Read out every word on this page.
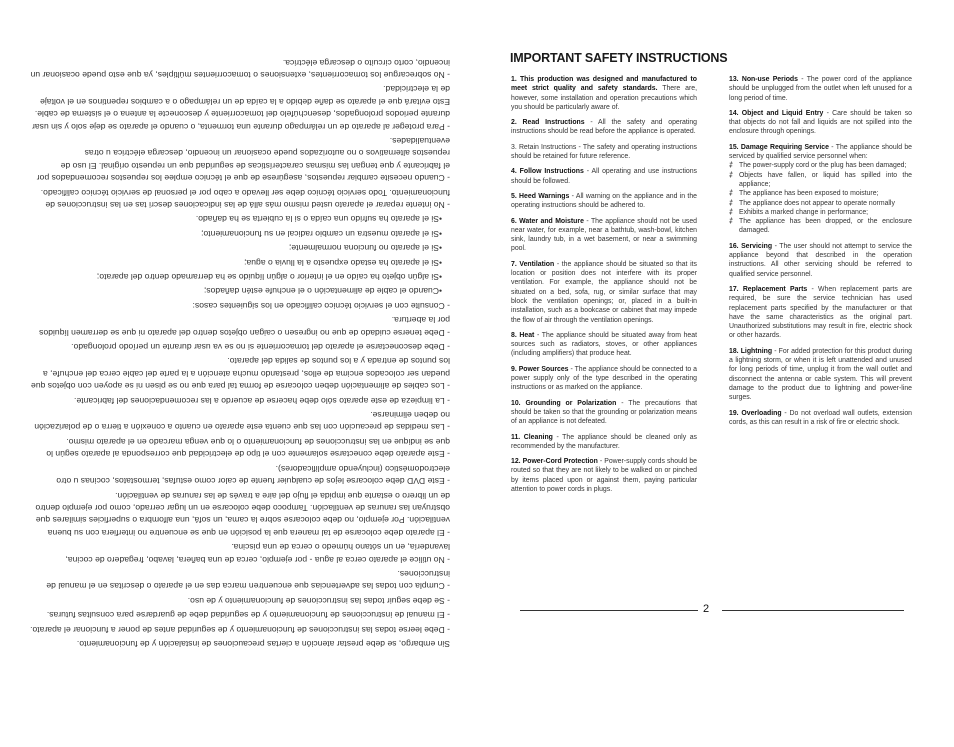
Sin embargo, se debe prestar atención a ciertas precauciones de instalación y de funcionamiento.

- Debe leerse todas las instrucciones de funcionamiento y de seguridad antes de poner a funcionar el aparato.

- El manual de instrucciones de funcionamiento y de seguridad debe de guardarse para consultas futuras.

- Se debe seguir todas las instrucciones de funcionamiento y de uso.

- Cumpla con todas las advertencias que encuentren marca das en el aparato o descritas en el manual de instrucciones.

- No utilice el aparato cerca al agua - por ejemplo, cerca de una bañera, lavabo, fregadero de cocina, lavandería, en un sótano húmedo o cerca de una piscina.

- El aparato debe colocarse de tal manera que la posición en que se encuentre no interfiera con su buena ventilación. Por ejemplo, no debe colocarse sobre la cama, un sofá, una alfombra o superficies similares que obstruyan las ranuras de ventilación. Tampoco debe colocarse en un lugar cerrado, como por ejemplo dentro de un librero o estante que impida el flujo del aire a través de las ranuras de ventilación.

- Este DVD debe colocarse lejos de cualquier fuente de calor como estufas, termostatos, cocinas u otro electrodoméstico (incluyendo amplificadores).

- Este aparato debe conectarse solamente con el tipo de electricidad que corresponda al aparato según lo que se indique en las instrucciones de funcionamiento o lo que venga marcado en el aparato mismo.

- Las medidas de precaución con las que cuenta este aparato en cuanto a conexión a tierra o de polarización no deben eliminarse.

- La limpieza de este aparato sólo debe hacerse de acuerdo a las recomendaciones del fabricante.

- Los cables de alimentación deben colocarse de forma tal para que no se pisen ni se apoyen con objetos que puedan ser colocados encima de ellos, prestando mucha atención a la parte del cable cerca del enchufe, a los puntos de entrada y a los puntos de salida del aparato.

- Debe desconectarse el aparato del tomacorriente si no se va usar durante un período prolongado.

- Debe tenerse cuidado de que no ingresen o caigan objetos dentro del aparato ni que se derramen líquidos por la abertura.

- Consulte con el servicio técnico calificado en los siguientes casos:

•Cuando el cable de alimentación o el enchufe estén dañados;

•Si algún objeto ha caído en el interior o algún líquido se ha derramado dentro del aparato;

•Si el aparato ha estado expuesto a la lluvia o agua;

•Si el aparato no funciona normalmente;

•Si el aparato muestra un cambio radical en su funcionamiento;

•Si el aparato ha sufrido una caída o si la cubierta se ha dañado.

- No intente reparar el aparato usted mismo más allá de las indicaciones descri tas en las instrucciones de funcionamiento. Todo servicio técnico debe ser llevado a cabo por el personal de servicio técnico calificado.

- Cuando necesite cambiar repuestos, asegúrese de que el técnico emplee los repuestos recomendados por el fabricante y que tengan las mismas características de seguridad que un repuesto original. El uso de repuestos alternativos o no autorizados puede ocasionar un incendio, descarga eléctrica u otras eventualidades.

- Para proteger al aparato de un relámpago durante una tormenta, o cuando el aparato se deje solo y sin usar durante periodos prolongados, desenchúfelo del tomacorriente y desconecte la antena o el sistema de cable. Esto evitará que el aparato se dañe debido a la caída de un relámpago o a cambios repentinos en el voltaje de la electricidad.

- No sobrecargue los tomacorrientes, extensiones o tomacorrientes múltiples, ya que esto puede ocasionar un incendio, corto circuito o descarga eléctrica.	IMPORTANT SAFETY INSTRUCTIONS

1. This production was designed and manufactured to meet strict quality and safety standards. There are, however, some installation and operation precautions which you should be particularly aware of.

2. Read Instructions - All the safety and operating instructions should be read before the appliance is operated.

3. Retain Instructions - The safety and operating instructions should be retained for future reference.

4. Follow Instructions - All operating and use instructions should be followed.

5. Heed Warnings - All warning on the appliance and in the operating instructions should be adhered to.

6. Water and Moisture - The appliance should not be used near water, for example, near a bathtub, wash-bowl, kitchen sink, laundry tub, in a wet basement, or near a swimming pool.

7. Ventilation - the appliance should be situated so that its location or position does not interfere with its proper ventilation. For example, the appliance should not be situated on a bed, sofa, rug, or similar surface that may block the ventilation openings; or, placed in a built-in installation, such as a bookcase or cabinet that may impede the flow of air through the ventilation openings.

8. Heat - The appliance should be situated away from heat sources such as radiators, stoves, or other appliances (including amplifiers) that produce heat.

9. Power Sources - The appliance should be connected to a power supply only of the type described in the operating instructions or as marked on the appliance.

10. Grounding or Polarization - The precautions that should be taken so that the grounding or polarization means of an appliance is not defeated.

11. Cleaning - The appliance should be cleaned only as recommended by the manufacturer.

12. Power-Cord Protection - Power-supply cords should be routed so that they are not likely to be walked on or pinched by items placed upon or against them, paying particular attention to power cords in plugs.

13. Non-use Periods - The power cord of the appliance should be unplugged from the outlet when left unused for a long period of time.

14. Object and Liquid Entry - Care should be taken so that objects do not fall and liquids are not spilled into the enclosure through openings.

15. Damage Requiring Service - The appliance should be serviced by qualified service personnel when:
‡ The power-supply cord or the plug has been damaged;
‡ Objects have fallen, or liquid has spilled into the appliance;
‡ The appliance has been exposed to moisture;
‡ The appliance does not appear to operate normally
‡ Exhibits a marked change in performance;
‡ The appliance has been dropped, or the enclosure damaged.

16. Servicing - The user should not attempt to service the appliance beyond that described in the operation instructions. All other servicing should be referred to qualified service personnel.

17. Replacement Parts - When replacement parts are required, be sure the service technician has used replacement parts specified by the manufacturer or that have the same characteristics as the original part. Unauthorized substitutions may result in fire, electric shock or other hazards.

18. Lightning - For added protection for this product during a lightning storm, or when it is left unattended and unused for long periods of time, unplug it from the wall outlet and disconnect the antenna or cable system. This will prevent damage to the product due to lightning and power-line surges.

19. Overloading - Do not overload wall outlets, extension cords, as this can result in a risk of fire or electric shock.

2
